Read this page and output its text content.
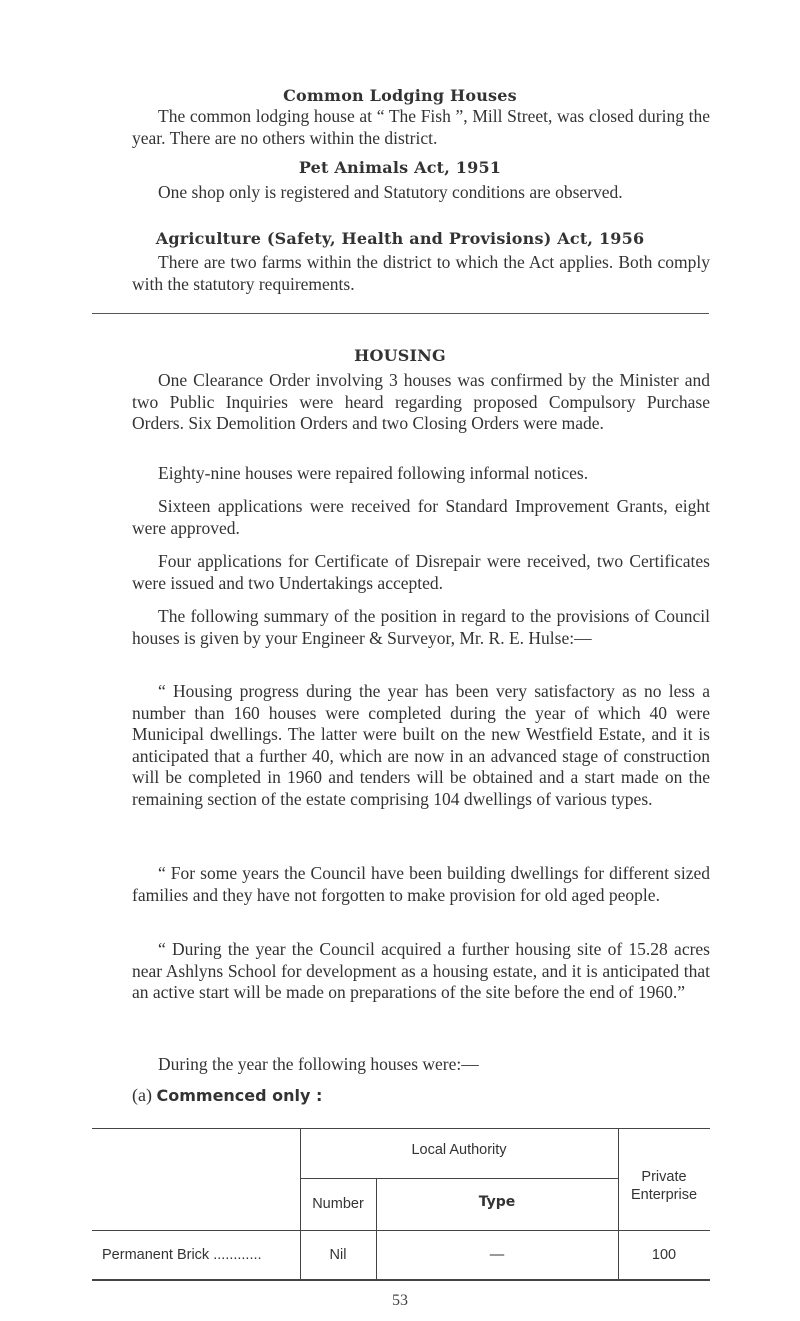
Common Lodging Houses
The common lodging house at “ The Fish ”, Mill Street, was closed during the year. There are no others within the district.
Pet Animals Act, 1951
One shop only is registered and Statutory conditions are observed.
Agriculture (Safety, Health and Provisions) Act, 1956
There are two farms within the district to which the Act applies. Both comply with the statutory requirements.
HOUSING
One Clearance Order involving 3 houses was confirmed by the Minister and two Public Inquiries were heard regarding proposed Compulsory Purchase Orders. Six Demolition Orders and two Closing Orders were made.
Eighty-nine houses were repaired following informal notices.
Sixteen applications were received for Standard Improvement Grants, eight were approved.
Four applications for Certificate of Disrepair were received, two Certificates were issued and two Undertakings accepted.
The following summary of the position in regard to the provisions of Council houses is given by your Engineer & Surveyor, Mr. R. E. Hulse:—
“ Housing progress during the year has been very satisfactory as no less a number than 160 houses were completed during the year of which 40 were Municipal dwellings. The latter were built on the new Westfield Estate, and it is anticipated that a further 40, which are now in an advanced stage of construction will be completed in 1960 and tenders will be obtained and a start made on the remaining section of the estate comprising 104 dwellings of various types.
“ For some years the Council have been building dwellings for different sized families and they have not forgotten to make provision for old aged people.
“ During the year the Council acquired a further housing site of 15.28 acres near Ashlyns School for development as a housing estate, and it is anticipated that an active start will be made on preparations of the site before the end of 1960.”
During the year the following houses were:—
(a) Commenced only :
Local Authority
Number	Type
Private Enterprise
Permanent Brick ............	Nil	—	100
53
